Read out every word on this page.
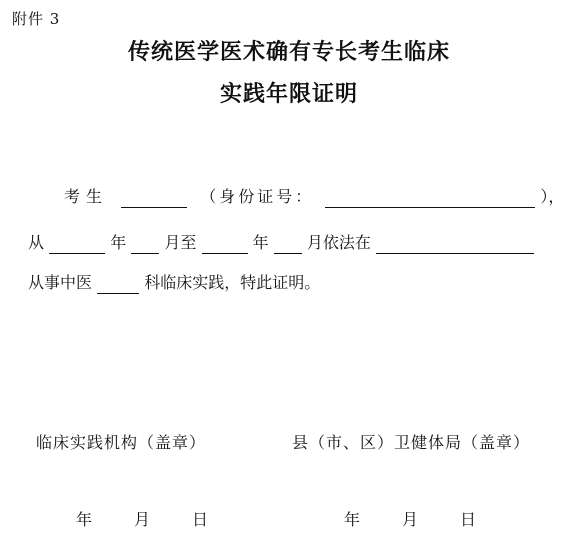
附件 3
传统医学医术确有专长考生临床
实践年限证明
考生	（身份证号：	），
从	年 月至	年 月依法在
从事中医	科临床实践，特此证明。
临床实践机构（盖章）	县（市、区）卫健体局（盖章）
年	月	日	年	月	日
